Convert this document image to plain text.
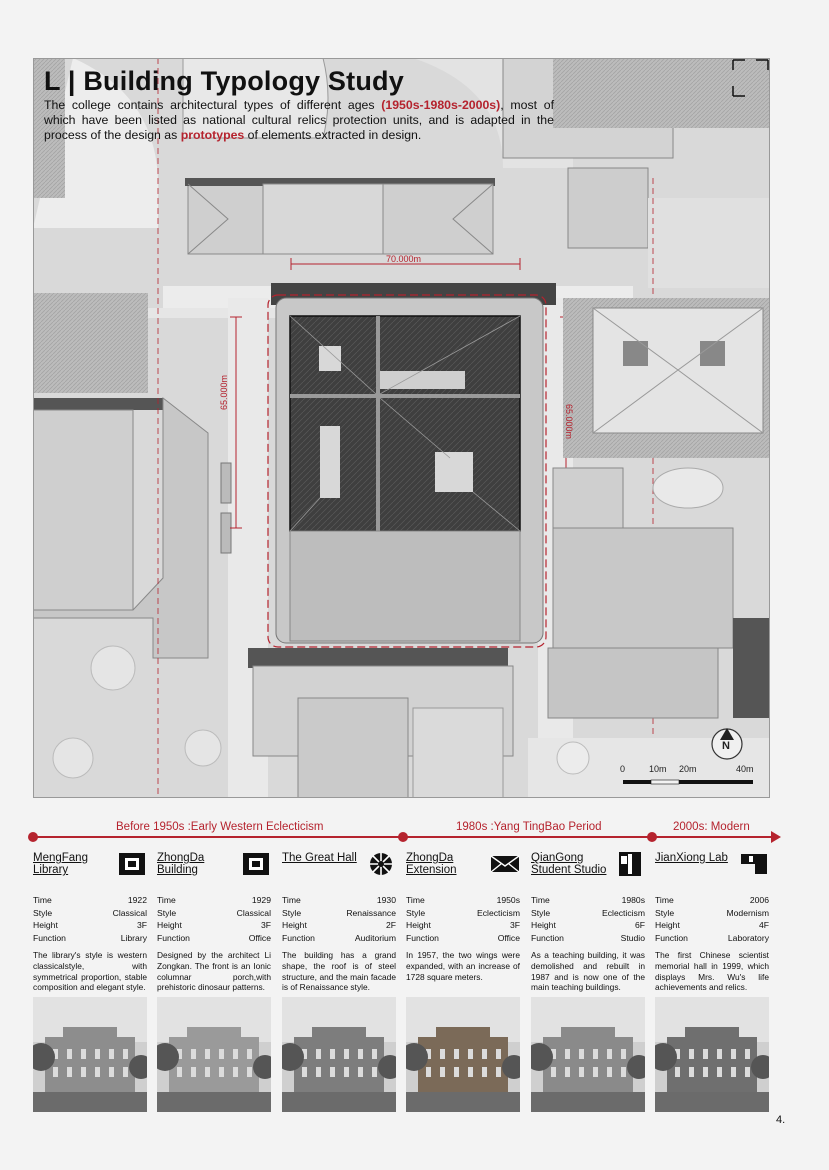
70.000m
65.000m
65.000m
N
0	10m 20m	40m
L | Building Typology Study
The college contains architectural types of different ages (1950s-1980s-2000s), most of which have been listed as national cultural relics protection units, and is adapted in the process of the design as prototypes of elements extracted in design.
Before 1950s :Early Western Eclecticism	1980s :Yang TingBao Period	2000s: Modern
MengFang Library
Time	1922
Style	Classical
Height	3F
Function	Library
The library's style is western classicalstyle, with symmetrical proportion, stable composition and elegant style.
ZhongDa Building
Time	1929
Style	Classical
Height	3F
Function	Office
Designed by the architect Li Zongkan. The front is an Ionic columnar porch,with prehistoric dinosaur patterns.
The Great Hall
Time	1930
Style	Renaissance
Height	2F
Function	Auditorium
The building has a grand shape, the roof is of steel structure, and the main facade is of Renaissance style.
ZhongDa Extension
Time	1950s
Style	Eclecticism
Height	3F
Function	Office
In 1957, the two wings were expanded, with an increase of 1728 square meters.
QianGong Student Studio
Time	1980s
Style	Eclecticism
Height	6F
Function	Studio
As a teaching building, it was demolished and rebuilt in 1987 and is now one of the main teaching buildings.
JianXiong Lab
Time	2006
Style	Modernism
Height	4F
Function	Laboratory
The first Chinese scientist memorial hall in 1999, which displays Mrs. Wu's life achievements and relics.
4.
